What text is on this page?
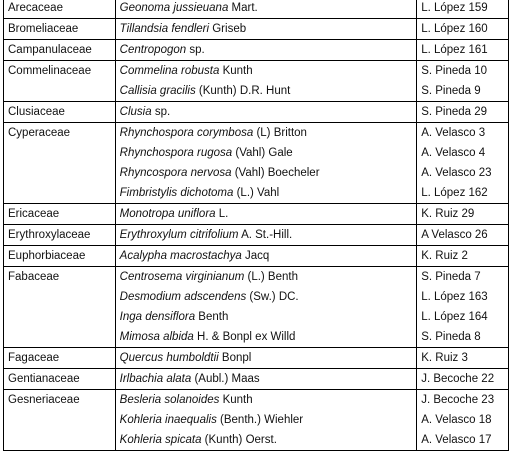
Arecaceae	Geonoma jussieuana Mart.	L. López 159
Bromeliaceae	Tillandsia fendleri Griseb	L. López 160
Campanulaceae	Centropogon sp.	L. López 161
Commelinaceae	Commelina robusta Kunth	S. Pineda 10
	Callisia gracilis (Kunth) D.R. Hunt	S. Pineda 9
Clusiaceae	Clusia sp.	S. Pineda 29
Cyperaceae	Rhynchospora corymbosa (L) Britton	A. Velasco 3
	Rhynchospora rugosa (Vahl) Gale	A. Velasco 4
	Rhyncospora nervosa (Vahl) Boecheler	A. Velasco 23
	Fimbristylis dichotoma (L.) Vahl	L. López 162
Ericaceae	Monotropa uniflora L.	K. Ruiz 29
Erythroxylaceae	Erythroxylum citrifolium A. St.-Hill.	A Velasco 26
Euphorbiaceae	Acalypha macrostachya Jacq	K. Ruiz 2
Fabaceae	Centrosema virginianum (L.) Benth	S. Pineda 7
	Desmodium adscendens (Sw.) DC.	L. López 163
	Inga densiflora Benth	L. López 164
	Mimosa albida H. & Bonpl ex Willd	S. Pineda 8
Fagaceae	Quercus humboldtii Bonpl	K. Ruiz 3
Gentianaceae	Irlbachia alata (Aubl.) Maas	J. Becoche 22
Gesneriaceae	Besleria solanoides Kunth	J. Becoche 23
	Kohleria inaequalis (Benth.) Wiehler	A. Velasco 18
	Kohleria spicata (Kunth) Oerst.	A. Velasco 17
